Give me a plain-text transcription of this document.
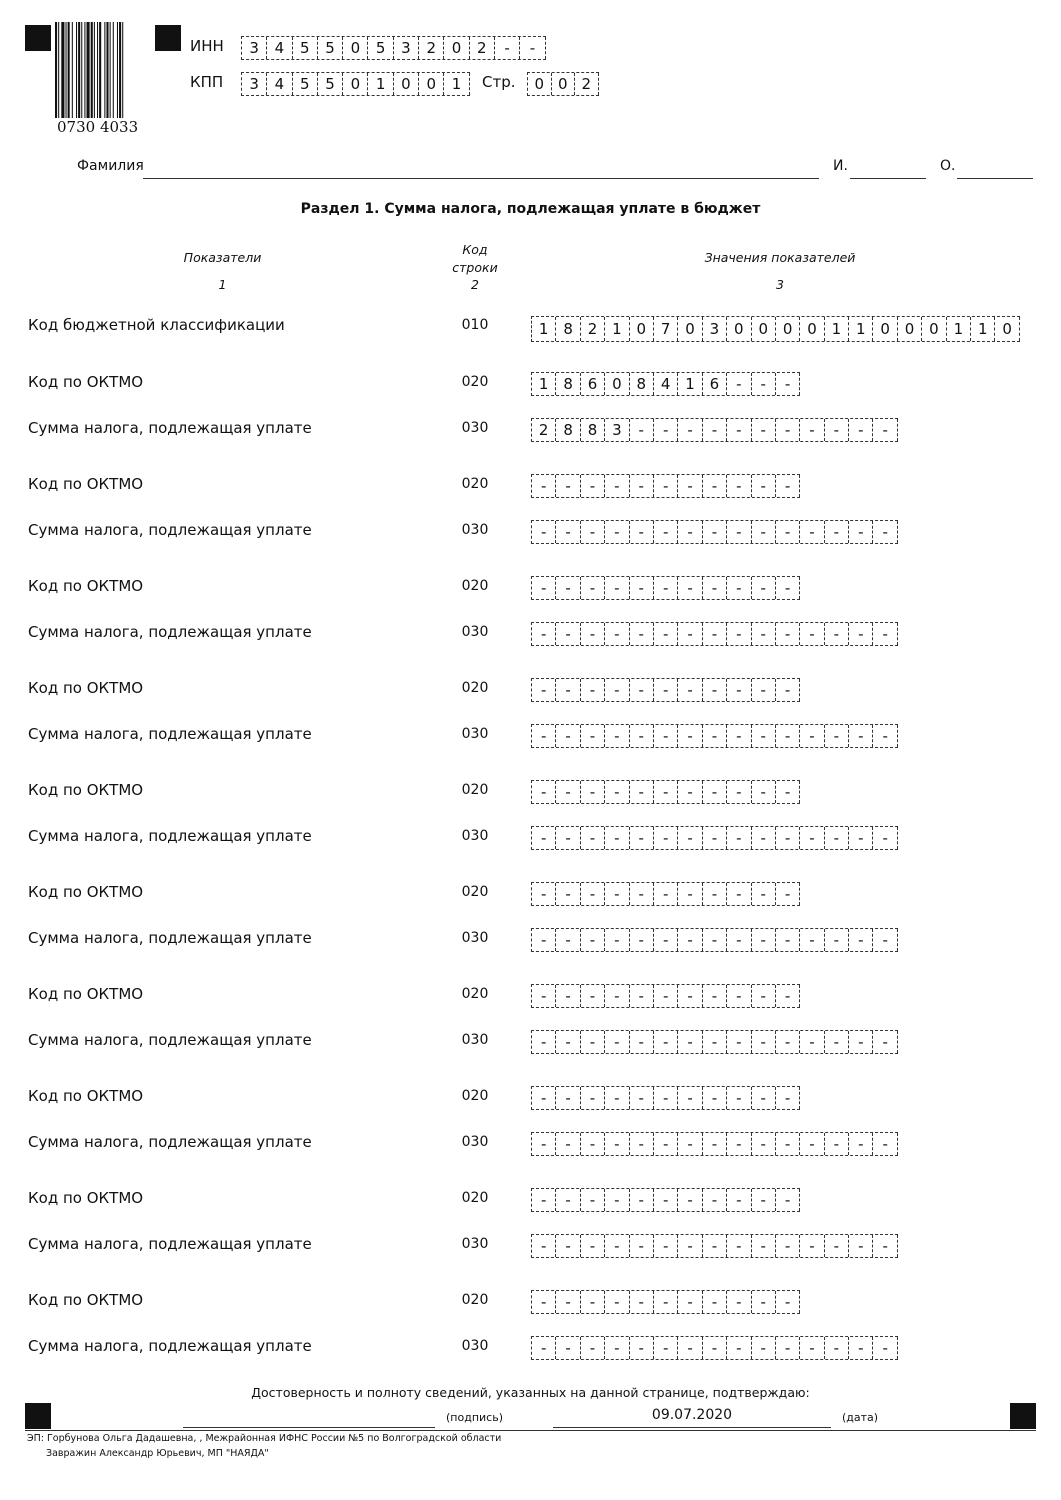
0730 4033
ИНН	3	4	5	5	0	5	3	2	0	2	-	-
КПП	3	4	5	5	0	1	0	0	1	Стр.	0 0 2
Фамилия	И.	О.
Раздел 1. Сумма налога, подлежащая уплате в бюджет
Показатели
1
Код
строки
2
Значения показателей
3
Код бюджетной классификации	010	1 8 2 1 0 7 0 3 0 0 0 0 1 1 0 0 0 1 1 0
Код по ОКТМО	020	1 8 6 0 8 4 1 6	-	-	-
Сумма налога, подлежащая уплате	030	2 8 8 3	-	-	-	-	-	-	-	-	-	-	-
Код по ОКТМО	020	-	-	-	-	-	-	-	-	-	-	-
Сумма налога, подлежащая уплате	030	-	-	-	-	-	-	-	-	-	-	-	-	-	-	-
Код по ОКТМО	020	-	-	-	-	-	-	-	-	-	-	-
Сумма налога, подлежащая уплате	030	-	-	-	-	-	-	-	-	-	-	-	-	-	-	-
Код по ОКТМО	020	-	-	-	-	-	-	-	-	-	-	-
Сумма налога, подлежащая уплате	030	-	-	-	-	-	-	-	-	-	-	-	-	-	-	-
Код по ОКТМО	020	-	-	-	-	-	-	-	-	-	-	-
Сумма налога, подлежащая уплате	030	-	-	-	-	-	-	-	-	-	-	-	-	-	-	-
Код по ОКТМО	020	-	-	-	-	-	-	-	-	-	-	-
Сумма налога, подлежащая уплате	030	-	-	-	-	-	-	-	-	-	-	-	-	-	-	-
Код по ОКТМО	020	-	-	-	-	-	-	-	-	-	-	-
Сумма налога, подлежащая уплате	030	-	-	-	-	-	-	-	-	-	-	-	-	-	-	-
Код по ОКТМО	020	-	-	-	-	-	-	-	-	-	-	-
Сумма налога, подлежащая уплате	030	-	-	-	-	-	-	-	-	-	-	-	-	-	-	-
Код по ОКТМО	020	-	-	-	-	-	-	-	-	-	-	-
Сумма налога, подлежащая уплате	030	-	-	-	-	-	-	-	-	-	-	-	-	-	-	-
Код по ОКТМО	020	-	-	-	-	-	-	-	-	-	-	-
Сумма налога, подлежащая уплате	030	-	-	-	-	-	-	-	-	-	-	-	-	-	-	-
Достоверность и полноту сведений, указанных на данной странице, подтверждаю:
(подпись)	09.07.2020	(дата)
ЭП: Горбунова Ольга Дадашевна, , Межрайонная ИФНС России №5 по Волгоградской области
Завражин Александр Юрьевич, МП "НАЯДА"
